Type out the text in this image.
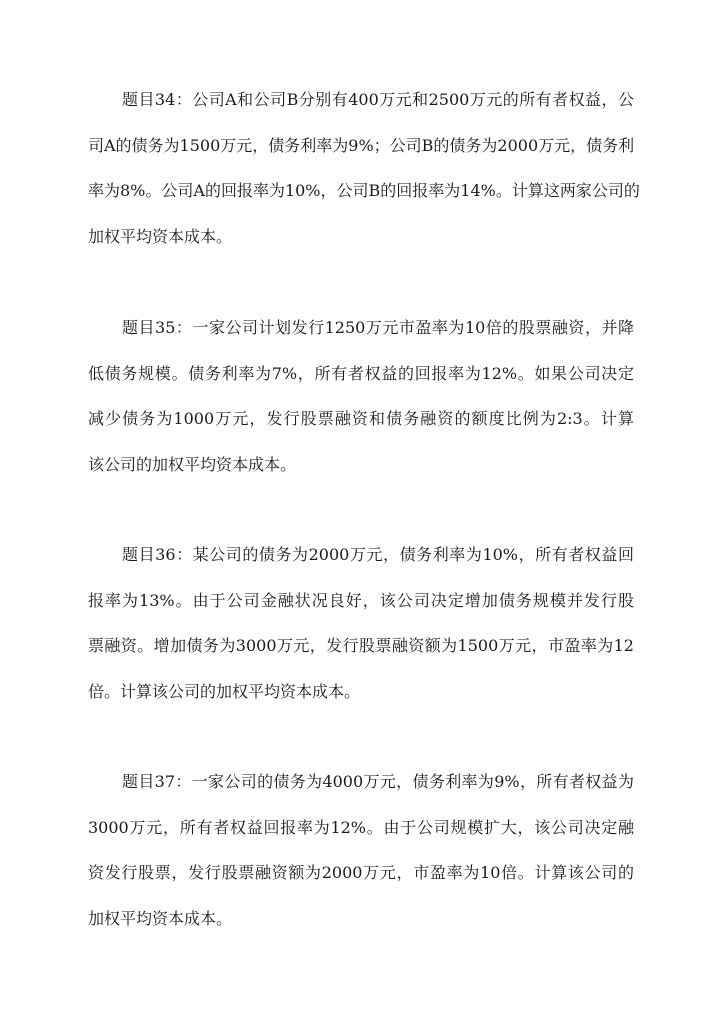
题目34：公司A和公司B分别有400万元和2500万元的所有者权益，公
司A的债务为1500万元，债务利率为9%；公司B的债务为2000万元，债务利
率为8%。公司A的回报率为10%，公司B的回报率为14%。计算这两家公司的
加权平均资本成本。
题目35：一家公司计划发行1250万元市盈率为10倍的股票融资，并降
低债务规模。债务利率为7%，所有者权益的回报率为12%。如果公司决定
减少债务为1000万元，发行股票融资和债务融资的额度比例为2:3。计算
该公司的加权平均资本成本。
题目36：某公司的债务为2000万元，债务利率为10%，所有者权益回
报率为13%。由于公司金融状况良好，该公司决定增加债务规模并发行股
票融资。增加债务为3000万元，发行股票融资额为1500万元，市盈率为12
倍。计算该公司的加权平均资本成本。
题目37：一家公司的债务为4000万元，债务利率为9%，所有者权益为
3000万元，所有者权益回报率为12%。由于公司规模扩大，该公司决定融
资发行股票，发行股票融资额为2000万元，市盈率为10倍。计算该公司的
加权平均资本成本。
